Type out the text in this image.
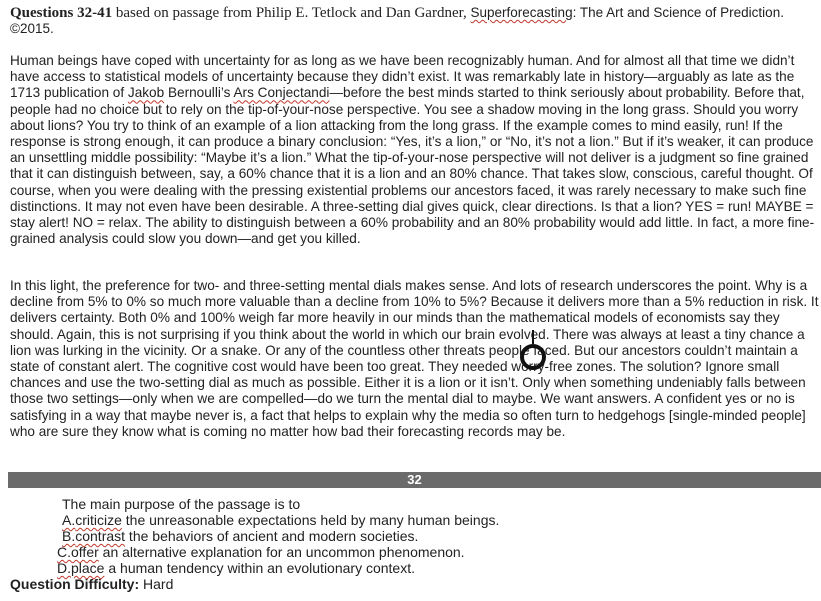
Questions 32-41 based on passage from Philip E. Tetlock and Dan Gardner, Superforecasting: The Art and Science of Prediction.
©2015.

Human beings have coped with uncertainty for as long as we have been recognizably human. And for almost all that time we didn’t have access to statistical models of uncertainty because they didn’t exist. It was remarkably late in history—arguably as late as the 1713 publication of Jakob Bernoulli’s Ars Conjectandi—before the best minds started to think seriously about probability. Before that, people had no choice but to rely on the tip-of-your-nose perspective. You see a shadow moving in the long grass. Should you worry about lions? You try to think of an example of a lion attacking from the long grass. If the example comes to mind easily, run! If the response is strong enough, it can produce a binary conclusion: “Yes, it’s a lion,” or “No, it’s not a lion.” But if it’s weaker, it can produce an unsettling middle possibility: “Maybe it’s a lion.” What the tip-of-your-nose perspective will not deliver is a judgment so fine grained that it can distinguish between, say, a 60% chance that it is a lion and an 80% chance. That takes slow, conscious, careful thought. Of course, when you were dealing with the pressing existential problems our ancestors faced, it was rarely necessary to make such fine distinctions. It may not even have been desirable. A three-setting dial gives quick, clear directions. Is that a lion? YES = run! MAYBE = stay alert! NO = relax. The ability to distinguish between a 60% probability and an 80% probability would add little. In fact, a more fine-grained analysis could slow you down—and get you killed.

In this light, the preference for two- and three-setting mental dials makes sense. And lots of research underscores the point. Why is a decline from 5% to 0% so much more valuable than a decline from 10% to 5%? Because it delivers more than a 5% reduction in risk. It delivers certainty. Both 0% and 100% weigh far more heavily in our minds than the mathematical models of economists say they should. Again, this is not surprising if you think about the world in which our brain evolved. There was always at least a tiny chance a lion was lurking in the vicinity. Or a snake. Or any of the countless other threats people faced. But our ancestors couldn’t maintain a state of constant alert. The cognitive cost would have been too great. They needed worry-free zones. The solution? Ignore small chances and use the two-setting dial as much as possible. Either it is a lion or it isn’t. Only when something undeniably falls between those two settings—only when we are compelled—do we turn the mental dial to maybe. We want answers. A confident yes or no is satisfying in a way that maybe never is, a fact that helps to explain why the media so often turn to hedgehogs [single-minded people] who are sure they know what is coming no matter how bad their forecasting records may be.

32
The main purpose of the passage is to
A.criticize the unreasonable expectations held by many human beings.
B.contrast the behaviors of ancient and modern societies.
C.offer an alternative explanation for an uncommon phenomenon.
D.place a human tendency within an evolutionary context.
Question Difficulty: Hard
